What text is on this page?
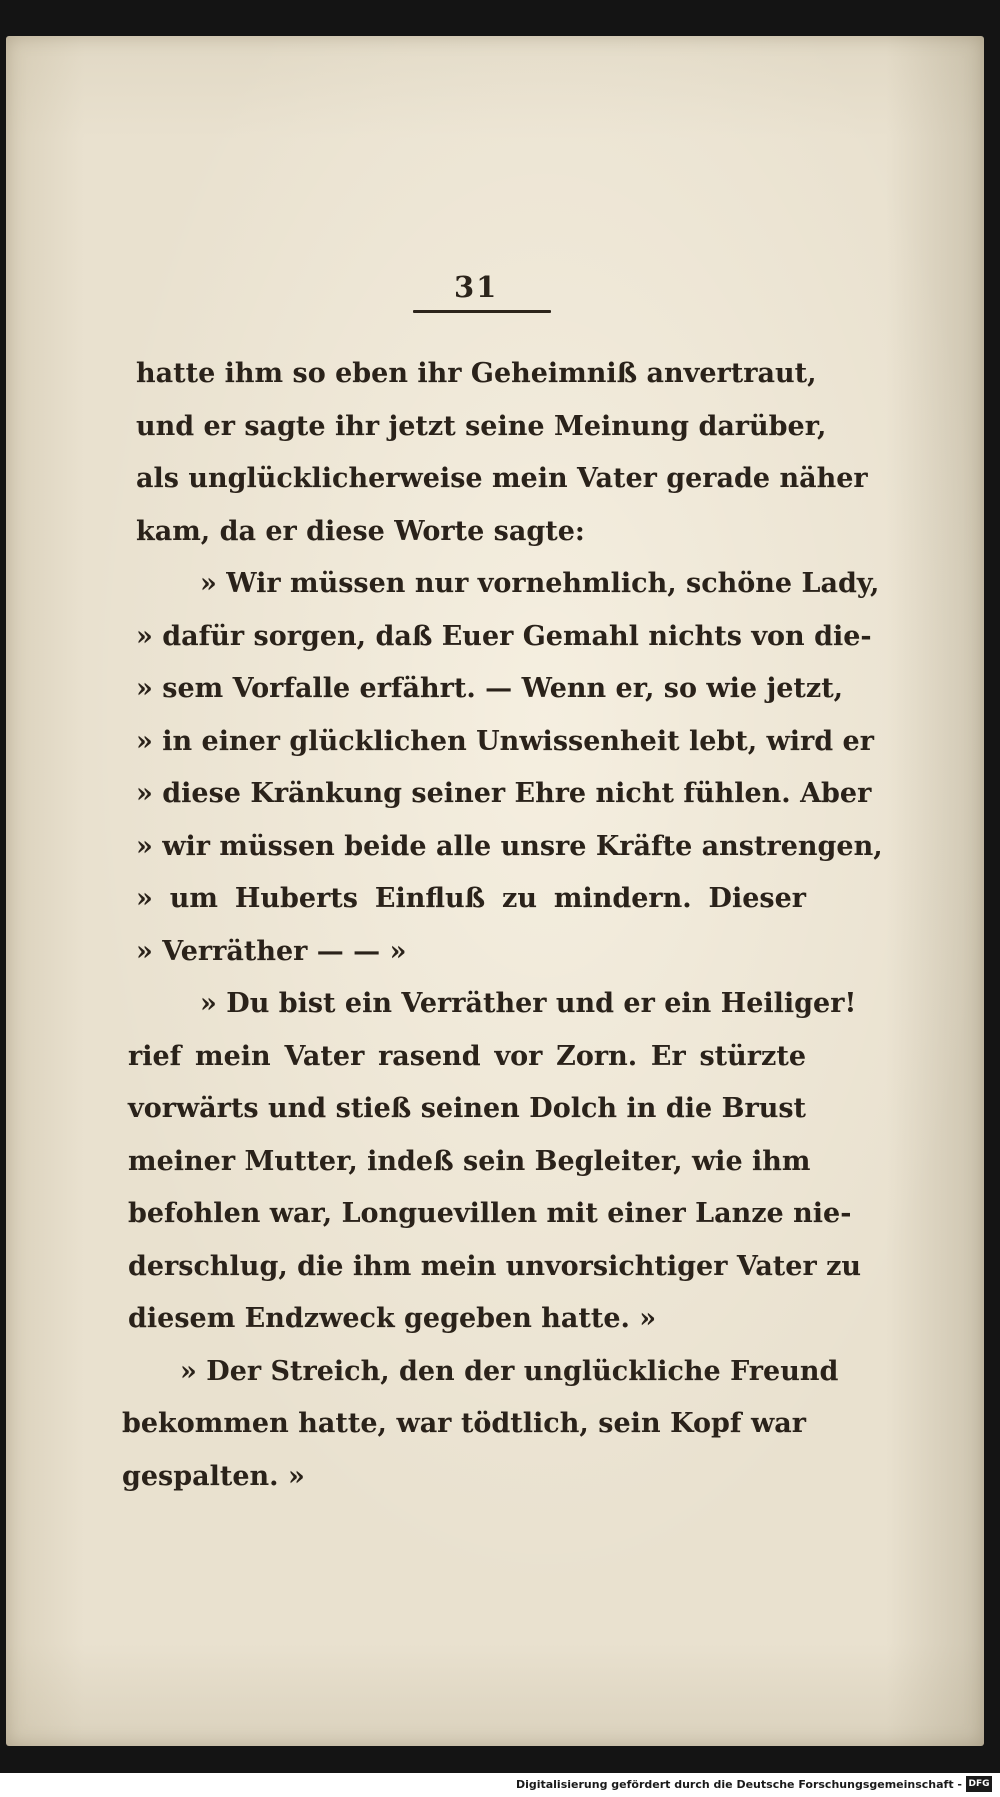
31
hatte ihm so eben ihr Geheimniß anvertraut,
und er sagte ihr jetzt seine Meinung darüber,
als unglücklicherweise mein Vater gerade näher
kam, da er diese Worte sagte:
» Wir müssen nur vornehmlich, schöne Lady,
» dafür sorgen, daß Euer Gemahl nichts von die-
» sem Vorfalle erfährt. — Wenn er, so wie jetzt,
» in einer glücklichen Unwissenheit lebt, wird er
» diese Kränkung seiner Ehre nicht fühlen. Aber
» wir müssen beide alle unsre Kräfte anstrengen,
» um Huberts Einfluß zu mindern. Dieser
» Verräther — — »
» Du bist ein Verräther und er ein Heiliger!
rief mein Vater rasend vor Zorn. Er stürzte
vorwärts und stieß seinen Dolch in die Brust
meiner Mutter, indeß sein Begleiter, wie ihm
befohlen war, Longuevillen mit einer Lanze nie-
derschlug, die ihm mein unvorsichtiger Vater zu
diesem Endzweck gegeben hatte. »
» Der Streich, den der unglückliche Freund
bekommen hatte, war tödtlich, sein Kopf war
gespalten. »
Digitalisierung gefördert durch die Deutsche Forschungsgemeinschaft - DFG
